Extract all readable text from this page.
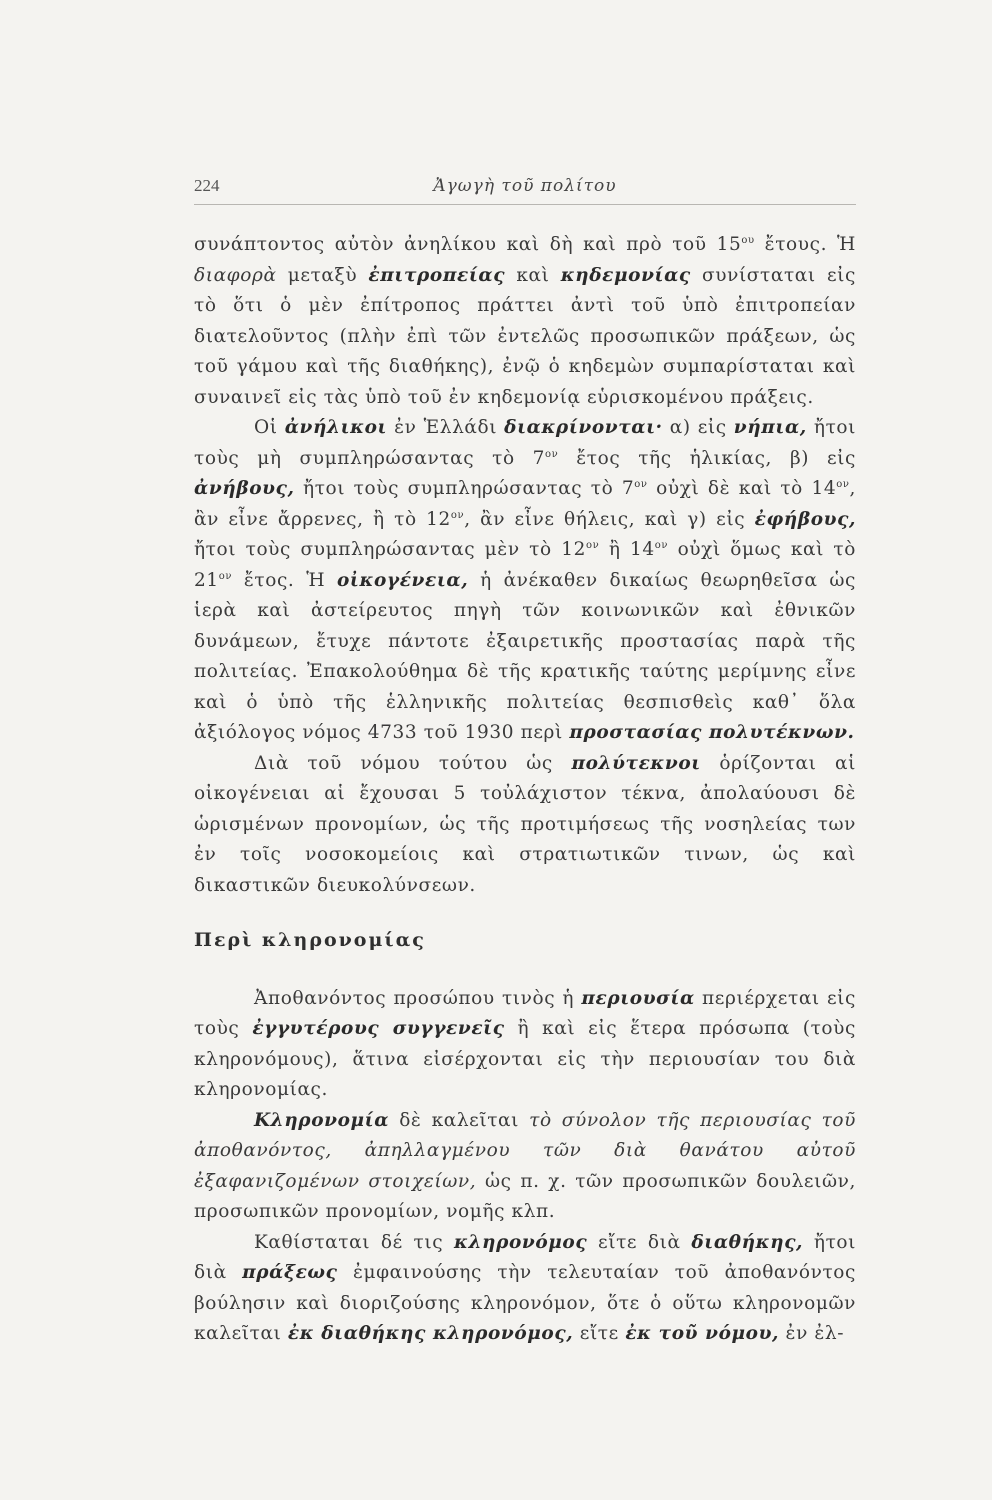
224	Ἀγωγὴ τοῦ πολίτου

συνάπτοντος αὐτὸν ἀνηλίκου καὶ δὴ καὶ πρὸ τοῦ $15^{o\upsilon}$ ἔτους. Ἡ διαφορὰ μεταξὺ ἐπιτροπείας καὶ κηδεμονίας συνίσταται εἰς τὸ ὅτι ὁ μὲν ἐπίτροπος πράττει ἀντὶ τοῦ ὑπὸ ἐπιτροπείαν διατελοῦντος (πλὴν ἐπὶ τῶν ἐντελῶς προσωπικῶν πράξεων, ὡς τοῦ γάμου καὶ τῆς διαθήκης), ἐνῷ ὁ κηδεμὼν συμπαρίσταται καὶ συναινεῖ εἰς τὰς ὑπὸ τοῦ ἐν κηδεμονίᾳ εὑρισκομένου πράξεις.

Οἱ ἀνήλικοι ἐν Ἑλλάδι διακρίνονται· α) εἰς νήπια, ἤτοι τοὺς μὴ συμπληρώσαντας τὸ $7^{o\nu}$ ἔτος τῆς ἡλικίας, β) εἰς ἀνήβους, ἤτοι τοὺς συμπληρώσαντας τὸ $7^{o\nu}$ οὐχὶ δὲ καὶ τὸ $14^{o\nu}$, ἂν εἶνε ἄρρενες, ἢ τὸ $12^{o\nu}$, ἂν εἶνε θήλεις, καὶ γ) εἰς ἐφήβους, ἤτοι τοὺς συμπληρώσαντας μὲν τὸ $12^{o\nu}$ ἢ $14^{o\nu}$ οὐχὶ ὅμως καὶ τὸ $21^{o\nu}$ ἔτος. Ἡ οἰκογένεια, ἡ ἀνέκαθεν δικαίως θεωρηθεῖσα ὡς ἱερὰ καὶ ἀστείρευτος πηγὴ τῶν κοινωνικῶν καὶ ἐθνικῶν δυνάμεων, ἔτυχε πάντοτε ἐξαιρετικῆς προστασίας παρὰ τῆς πολιτείας. Ἐπακολούθημα δὲ τῆς κρατικῆς ταύτης μερίμνης εἶνε καὶ ὁ ὑπὸ τῆς ἑλληνικῆς πολιτείας θεσπισθεὶς καθ᾽ ὅλα ἀξιόλογος νόμος 4733 τοῦ 1930 περὶ προστασίας πολυτέκνων.

Διὰ τοῦ νόμου τούτου ὡς πολύτεκνοι ὁρίζονται αἱ οἰκογένειαι αἱ ἔχουσαι 5 τοὐλάχιστον τέκνα, ἀπολαύουσι δὲ ὡρισμένων προνομίων, ὡς τῆς προτιμήσεως τῆς νοσηλείας των ἐν τοῖς νοσοκομείοις καὶ στρατιωτικῶν τινων, ὡς καὶ δικαστικῶν διευκολύνσεων.

Περὶ κληρονομίας

Ἀποθανόντος προσώπου τινὸς ἡ περιουσία περιέρχεται εἰς τοὺς ἐγγυτέρους συγγενεῖς ἢ καὶ εἰς ἕτερα πρόσωπα (τοὺς κληρονόμους), ἅτινα εἰσέρχονται εἰς τὴν περιουσίαν του διὰ κληρονομίας.

Κληρονομία δὲ καλεῖται τὸ σύνολον τῆς περιουσίας τοῦ ἀποθανόντος, ἀπηλλαγμένου τῶν διὰ θανάτου αὐτοῦ ἐξαφανιζομένων στοιχείων, ὡς π. χ. τῶν προσωπικῶν δουλειῶν, προσωπικῶν προνομίων, νομῆς κλπ.

Καθίσταται δέ τις κληρονόμος εἴτε διὰ διαθήκης, ἤτοι διὰ πράξεως ἐμφαινούσης τὴν τελευταίαν τοῦ ἀποθανόντος βούλησιν καὶ διοριζούσης κληρονόμον, ὅτε ὁ οὕτω κληρονομῶν καλεῖται ἐκ διαθήκης κληρονόμος, εἴτε ἐκ τοῦ νόμου, ἐν ἐλ-
